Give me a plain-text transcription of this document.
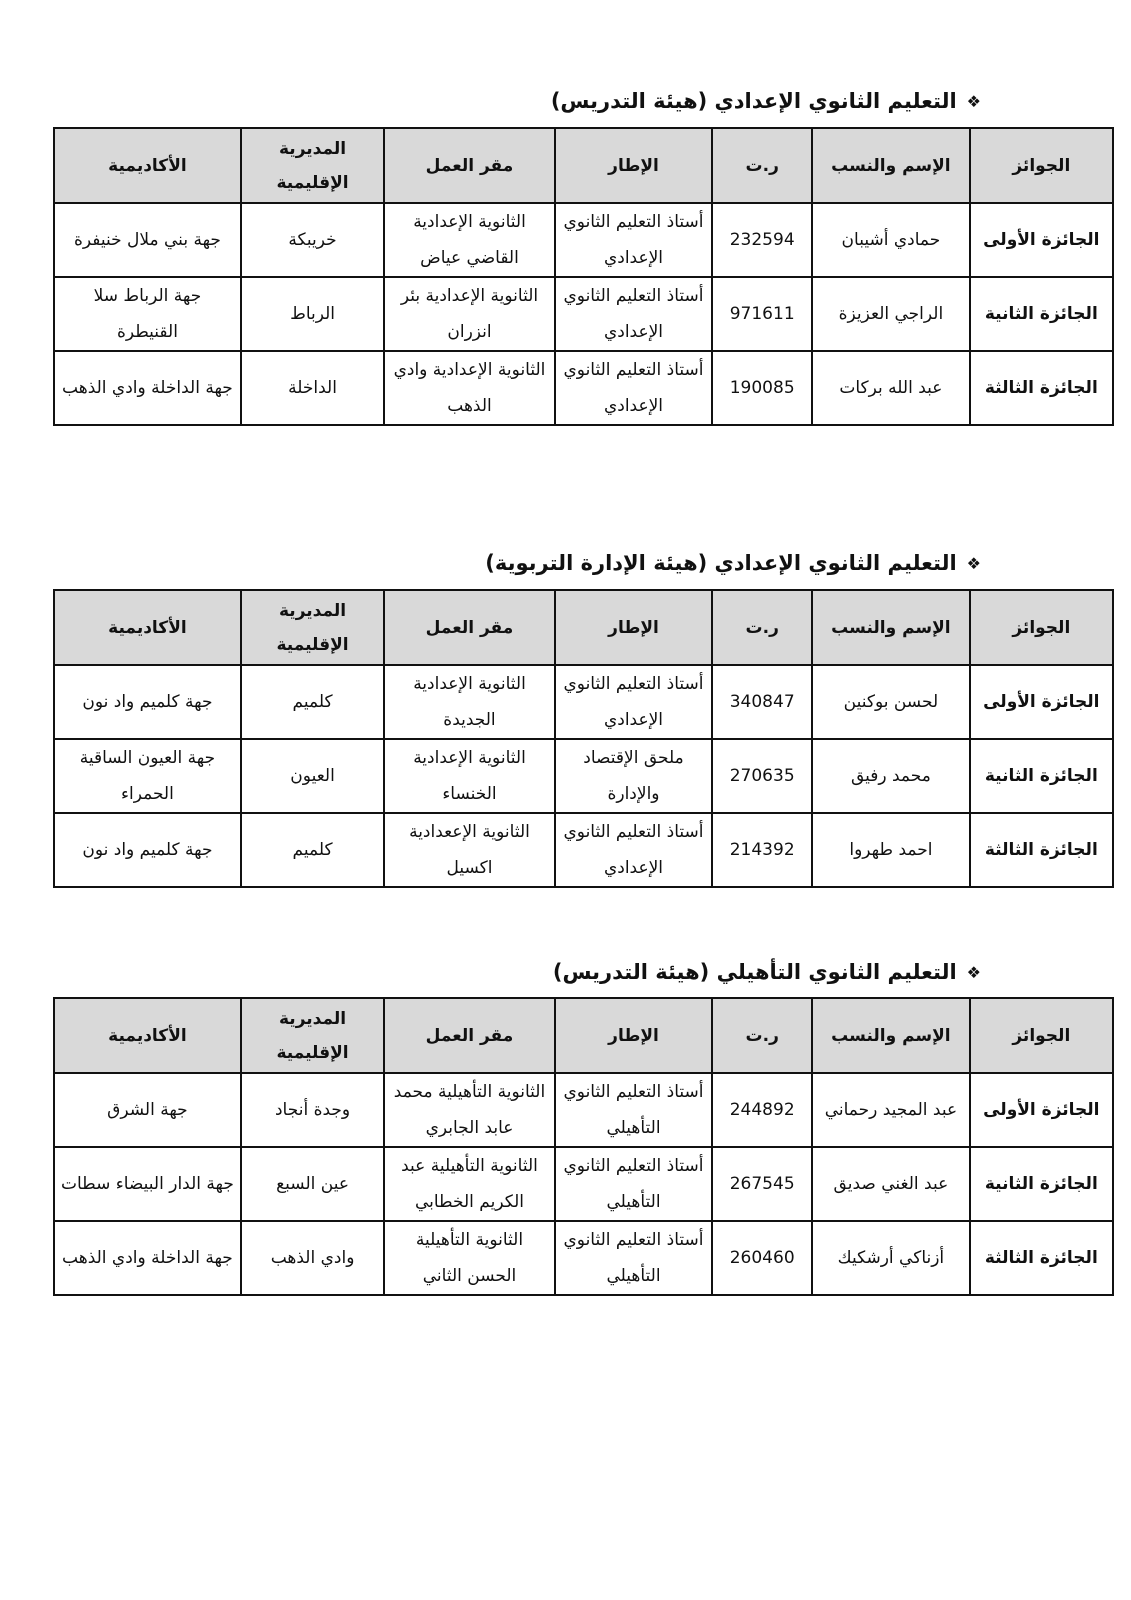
❖
التعليم الثانوي الإعدادي (هيئة التدريس)
الجوائز	الإسم والنسب	ر.ت	الإطار	مقر العمل	المديرية الإقليمية	الأكاديمية
الجائزة الأولى	حمادي أشيبان	232594	أستاذ التعليم الثانوي الإعدادي	الثانوية الإعدادية القاضي عياض	خريبكة	جهة بني ملال خنيفرة
الجائزة الثانية	الراجي العزيزة	971611	أستاذ التعليم الثانوي الإعدادي	الثانوية الإعدادية بئر انزران	الرباط	جهة الرباط سلا القنيطرة
الجائزة الثالثة	عبد الله بركات	190085	أستاذ التعليم الثانوي الإعدادي	الثانوية الإعدادية وادي الذهب	الداخلة	جهة الداخلة وادي الذهب
❖
التعليم الثانوي الإعدادي (هيئة الإدارة التربوية)
الجوائز	الإسم والنسب	ر.ت	الإطار	مقر العمل	المديرية الإقليمية	الأكاديمية
الجائزة الأولى	لحسن بوكنين	340847	أستاذ التعليم الثانوي الإعدادي	الثانوية الإعدادية الجديدة	كلميم	جهة كلميم واد نون
الجائزة الثانية	محمد رفيق	270635	ملحق الإقتصاد والإدارة	الثانوية الإعدادية الخنساء	العيون	جهة العيون الساقية الحمراء
الجائزة الثالثة	احمد طهروا	214392	أستاذ التعليم الثانوي الإعدادي	الثانوية الإععدادية اكسيل	كلميم	جهة كلميم واد نون
❖
التعليم الثانوي التأهيلي (هيئة التدريس)
الجوائز	الإسم والنسب	ر.ت	الإطار	مقر العمل	المديرية الإقليمية	الأكاديمية
الجائزة الأولى	عبد المجيد رحماني	244892	أستاذ التعليم الثانوي التأهيلي	الثانوية التأهيلية محمد عابد الجابري	وجدة أنجاد	جهة الشرق
الجائزة الثانية	عبد الغني صديق	267545	أستاذ التعليم الثانوي التأهيلي	الثانوية التأهيلية عبد الكريم الخطابي	عين السبع	جهة الدار البيضاء سطات
الجائزة الثالثة	أزناكي أرشكيك	260460	أستاذ التعليم الثانوي التأهيلي	الثانوية التأهيلية الحسن الثاني	وادي الذهب	جهة الداخلة وادي الذهب
